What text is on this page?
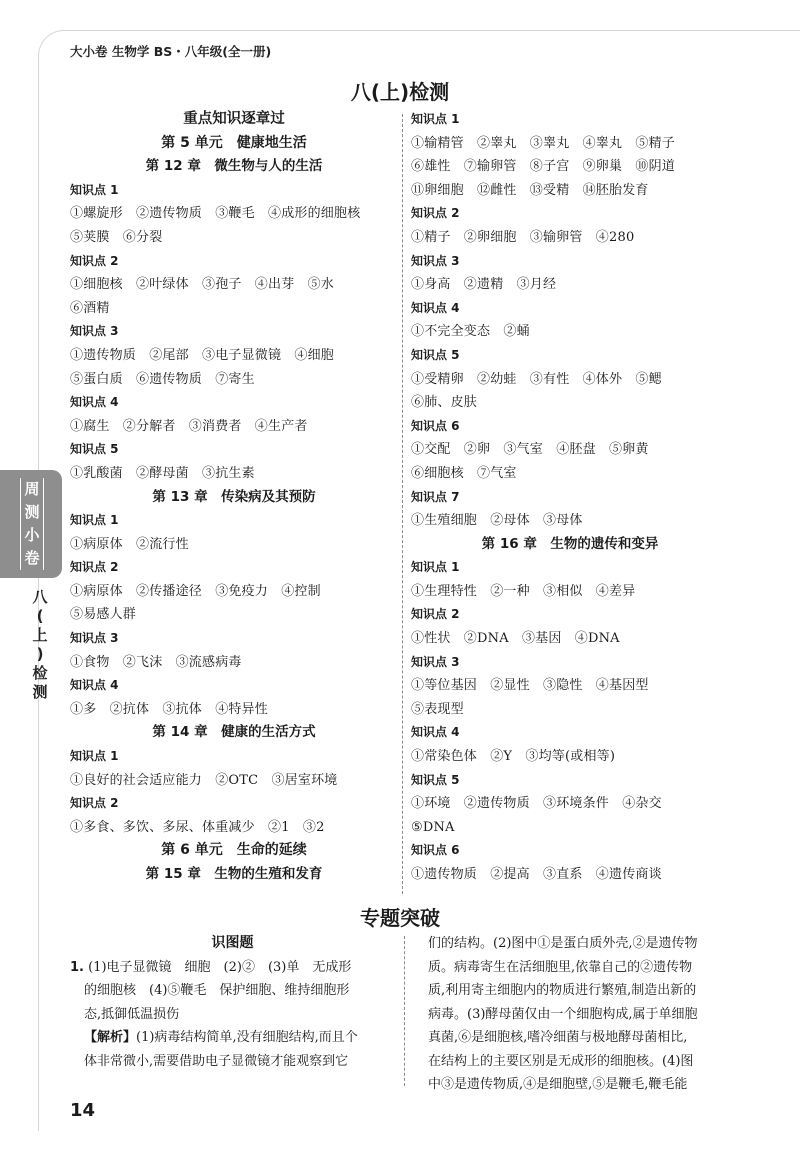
大小卷 生物学 BS・八年级(全一册)
八(上)检测
重点知识逐章过
第 5 单元　健康地生活
第 12 章　微生物与人的生活
知识点 1
①螺旋形　②遗传物质　③鞭毛　④成形的细胞核
⑤荚膜　⑥分裂
知识点 2
①细胞核　②叶绿体　③孢子　④出芽　⑤水
⑥酒精
知识点 3
①遗传物质　②尾部　③电子显微镜　④细胞
⑤蛋白质　⑥遗传物质　⑦寄生
知识点 4
①腐生　②分解者　③消费者　④生产者
知识点 5
①乳酸菌　②酵母菌　③抗生素
第 13 章　传染病及其预防
知识点 1
①病原体　②流行性
知识点 2
①病原体　②传播途径　③免疫力　④控制
⑤易感人群
知识点 3
①食物　②飞沫　③流感病毒
知识点 4
①多　②抗体　③抗体　④特异性
第 14 章　健康的生活方式
知识点 1
①良好的社会适应能力　②OTC　③居室环境
知识点 2
①多食、多饮、多尿、体重减少　②1　③2
第 6 单元　生命的延续
第 15 章　生物的生殖和发育
知识点 1
①输精管　②睾丸　③睾丸　④睾丸　⑤精子
⑥雄性　⑦输卵管　⑧子宫　⑨卵巢　⑩阴道
⑪卵细胞　⑫雌性　⑬受精　⑭胚胎发育
知识点 2
①精子　②卵细胞　③输卵管　④280
知识点 3
①身高　②遗精　③月经
知识点 4
①不完全变态　②蛹
知识点 5
①受精卵　②幼蛙　③有性　④体外　⑤鳃
⑥肺、皮肤
知识点 6
①交配　②卵　③气室　④胚盘　⑤卵黄
⑥细胞核　⑦气室
知识点 7
①生殖细胞　②母体　③母体
第 16 章　生物的遗传和变异
知识点 1
①生理特性　②一种　③相似　④差异
知识点 2
①性状　②DNA　③基因　④DNA
知识点 3
①等位基因　②显性　③隐性　④基因型
⑤表现型
知识点 4
①常染色体　②Y　③均等(或相等)
知识点 5
①环境　②遗传物质　③环境条件　④杂交
⑤DNA
知识点 6
①遗传物质　②提高　③直系　④遗传商谈
周
测
小
卷
八
(
上
)
检
测
专题突破
识图题
1. (1)电子显微镜　细胞　(2)②　(3)单　无成形
的细胞核　(4)⑤鞭毛　保护细胞、维持细胞形
态,抵御低温损伤
【解析】(1)病毒结构简单,没有细胞结构,而且个
体非常微小,需要借助电子显微镜才能观察到它
们的结构。(2)图中①是蛋白质外壳,②是遗传物
质。病毒寄生在活细胞里,依靠自己的②遗传物
质,利用寄主细胞内的物质进行繁殖,制造出新的
病毒。(3)酵母菌仅由一个细胞构成,属于单细胞
真菌,⑥是细胞核,嗜冷细菌与极地酵母菌相比,
在结构上的主要区别是无成形的细胞核。(4)图
中③是遗传物质,④是细胞壁,⑤是鞭毛,鞭毛能
14
